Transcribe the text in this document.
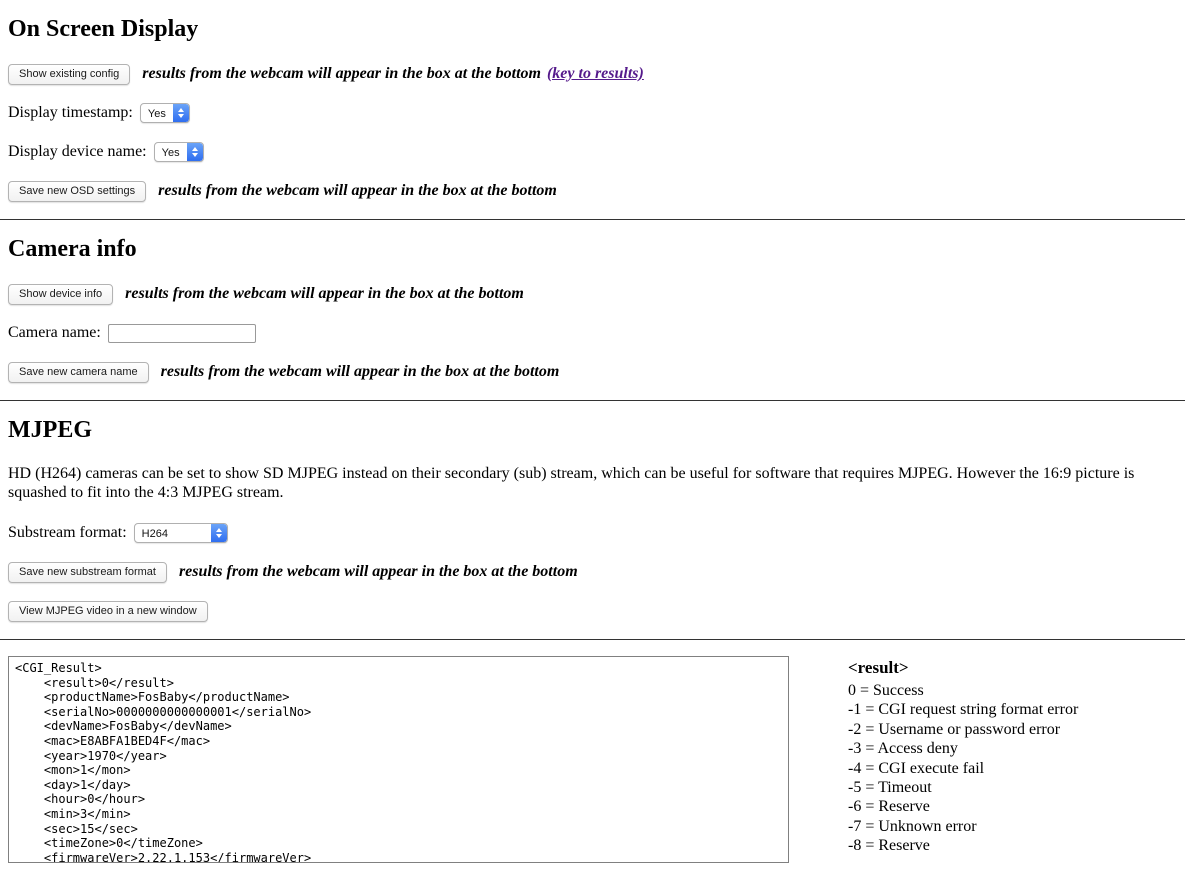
On Screen Display
Show existing config	results from the webcam will appear in the box at the bottom (key to results)
Display timestamp:	Yes
Display device name:	Yes
Save new OSD settings	results from the webcam will appear in the box at the bottom
Camera info
Show device info	results from the webcam will appear in the box at the bottom
Camera name:
Save new camera name	results from the webcam will appear in the box at the bottom
MJPEG

HD (H264) cameras can be set to show SD MJPEG instead on their secondary (sub) stream, which can be useful for software that requires MJPEG. However the 16:9 picture is squashed to fit into the 4:3 MJPEG stream.

Substream format:	H264
Save new substream format	results from the webcam will appear in the box at the bottom
View MJPEG video in a new window
<CGI_Result> <result>0</result> <productName>FosBaby</productName> <serialNo>0000000000000001</serialNo> <devName>FosBaby</devName> <mac>E8ABFA1BED4F</mac> <year>1970</year> <mon>1</mon> <day>1</day> <hour>0</hour> <min>3</min> <sec>15</sec> <timeZone>0</timeZone> <firmwareVer>2.22.1.153</firmwareVer>
<result>
0 = Success
-1 = CGI request string format error
-2 = Username or password error
-3 = Access deny
-4 = CGI execute fail
-5 = Timeout
-6 = Reserve
-7 = Unknown error
-8 = Reserve
